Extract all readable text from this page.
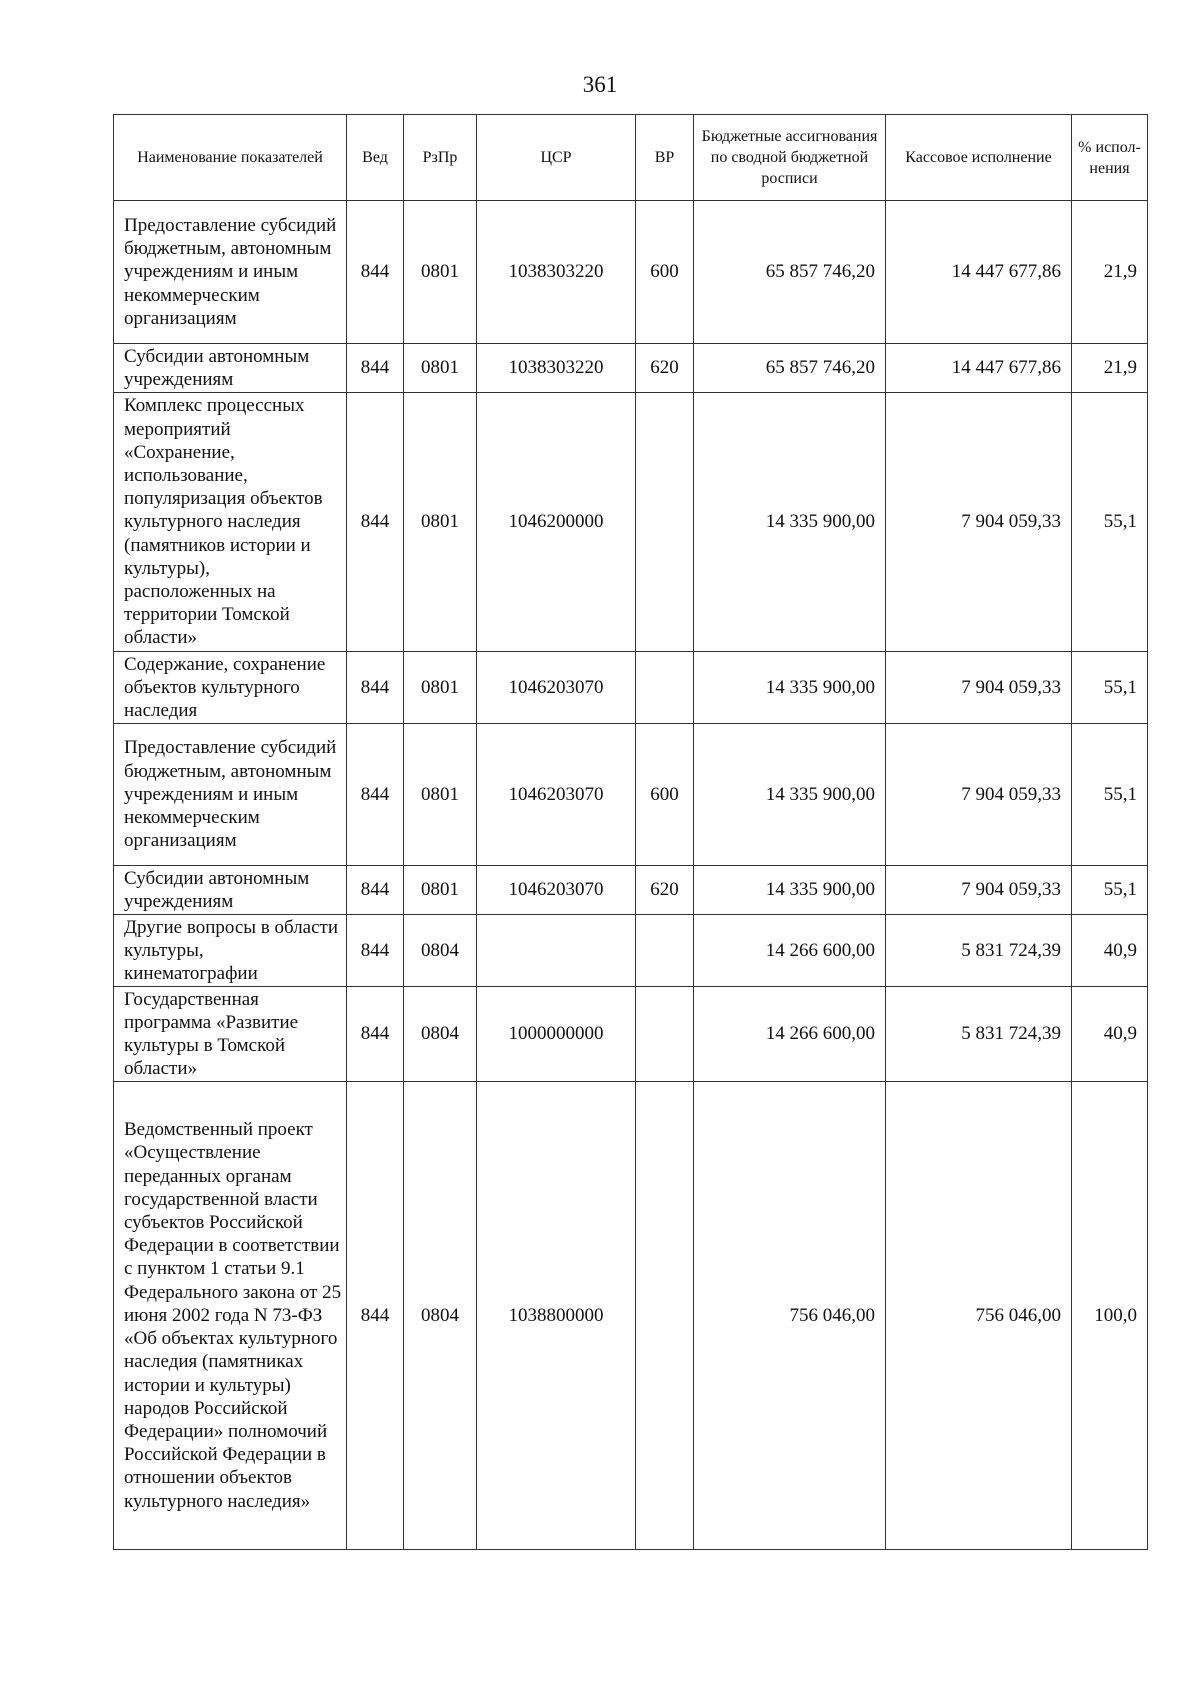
361
Наименование показателей	Вед	РзПр	ЦСР	ВР	Бюджетные ассигнования по сводной бюджетной росписи	Кассовое исполнение	% испол-нения
Предоставление субсидий бюджетным, автономным учреждениям и иным некоммерческим организациям	844	0801	1038303220	600	65 857 746,20	14 447 677,86	21,9
Субсидии автономным учреждениям	844	0801	1038303220	620	65 857 746,20	14 447 677,86	21,9
Комплекс процессных мероприятий «Сохранение, использование, популяризация объектов культурного наследия (памятников истории и культуры), расположенных на территории Томской области»	844	0801	1046200000		14 335 900,00	7 904 059,33	55,1
Содержание, сохранение объектов культурного наследия	844	0801	1046203070		14 335 900,00	7 904 059,33	55,1
Предоставление субсидий бюджетным, автономным учреждениям и иным некоммерческим организациям	844	0801	1046203070	600	14 335 900,00	7 904 059,33	55,1
Субсидии автономным учреждениям	844	0801	1046203070	620	14 335 900,00	7 904 059,33	55,1
Другие вопросы в области культуры, кинематографии	844	0804			14 266 600,00	5 831 724,39	40,9
Государственная программа «Развитие культуры в Томской области»	844	0804	1000000000		14 266 600,00	5 831 724,39	40,9
Ведомственный проект «Осуществление переданных органам государственной власти субъектов Российской Федерации в соответствии с пунктом 1 статьи 9.1 Федерального закона от 25 июня 2002 года N 73-ФЗ «Об объектах культурного наследия (памятниках истории и культуры) народов Российской Федерации» полномочий Российской Федерации в отношении объектов культурного наследия»	844	0804	1038800000		756 046,00	756 046,00	100,0
